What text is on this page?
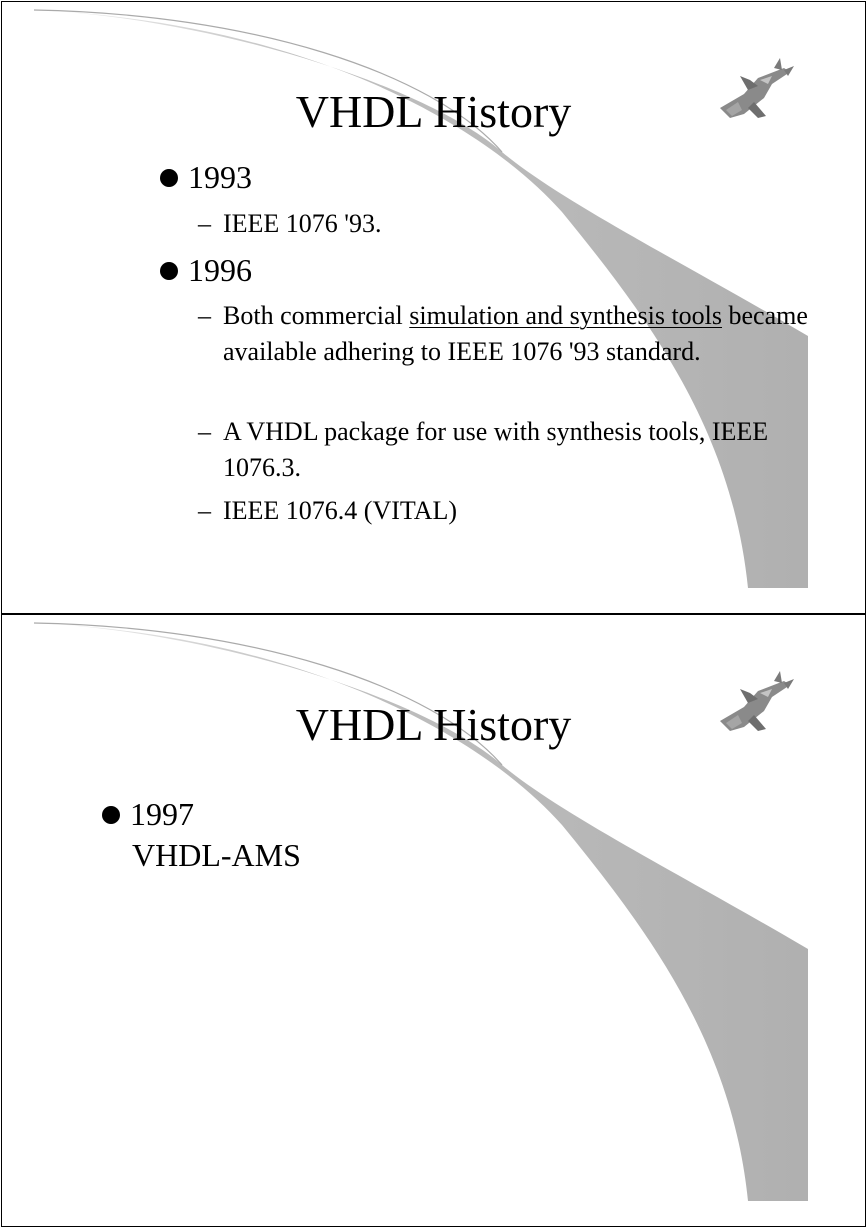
VHDL History
1993
– IEEE 1076 '93.
1996
– Both commercial simulation and synthesis tools became available adhering to IEEE 1076 '93 standard.
– A VHDL package for use with synthesis tools, IEEE 1076.3.
– IEEE 1076.4 (VITAL)
VHDL History
1997
VHDL-AMS
